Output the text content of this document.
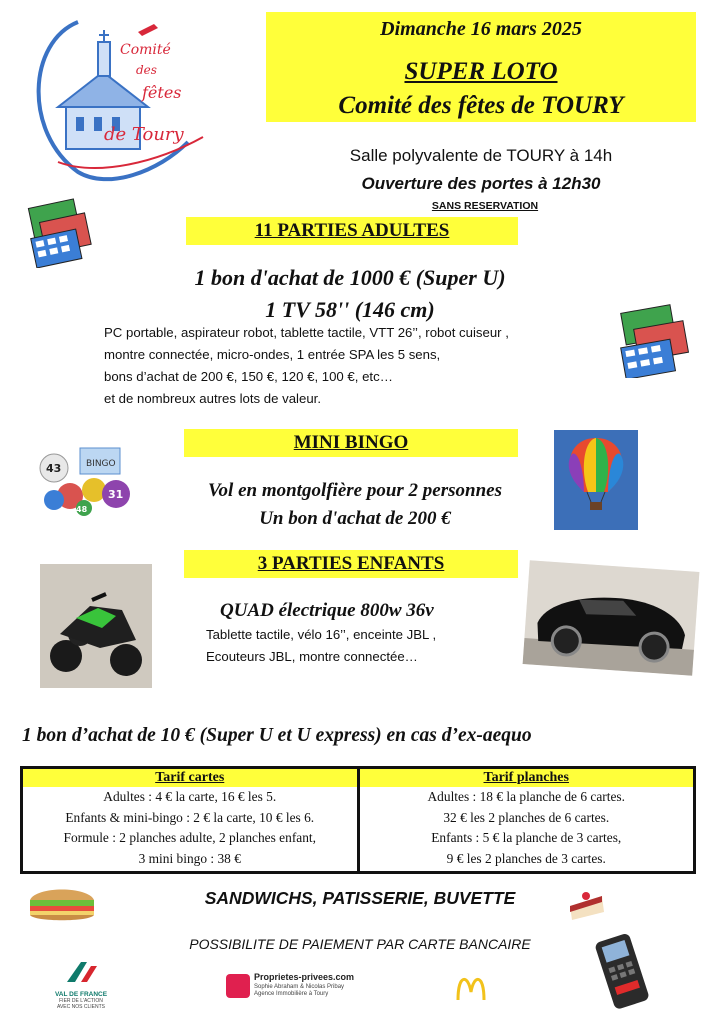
Comité
des
fêtes
de Toury
Dimanche 16 mars 2025
SUPER LOTO
Comité des fêtes de TOURY
Salle polyvalente de TOURY à 14h
Ouverture des portes à 12h30
SANS RESERVATION
11 PARTIES ADULTES
1 bon d'achat de 1000 € (Super U)
1 TV 58'' (146 cm)
PC portable, aspirateur robot, tablette tactile, VTT 26’’, robot cuiseur ,
montre connectée, micro-ondes, 1 entrée SPA les 5 sens,
bons d’achat de 200 €, 150 €, 120 €, 100 €, etc…
et de nombreux autres lots de valeur.
MINI BINGO
BINGO
43
31
48
Vol en montgolfière pour 2 personnes
Un bon d'achat de 200 €
3 PARTIES ENFANTS
QUAD électrique 800w 36v
Tablette tactile, vélo 16’’, enceinte JBL ,
Ecouteurs JBL, montre connectée…
1 bon d’achat de 10 € (Super U et U express) en cas d’ex-aequo
Tarif cartes
Adultes : 4 € la carte, 16 € les 5.
Enfants & mini-bingo : 2 € la carte, 10 € les 6.
Formule : 2 planches adulte, 2 planches enfant,
3 mini bingo : 38 €
Tarif planches
Adultes : 18 € la planche de 6 cartes.
32 € les 2 planches de 6 cartes.
Enfants : 5 € la planche de 3 cartes,
9 € les 2 planches de 3 cartes.
SANDWICHS, PATISSERIE, BUVETTE
POSSIBILITE DE PAIEMENT PAR CARTE BANCAIRE
VAL DE FRANCE
FIER DE L'ACTION
AVEC NOS CLIENTS
Proprietes-privees.com
Sophie Abraham & Nicolas Pribay
Agence Immobilière à Toury
